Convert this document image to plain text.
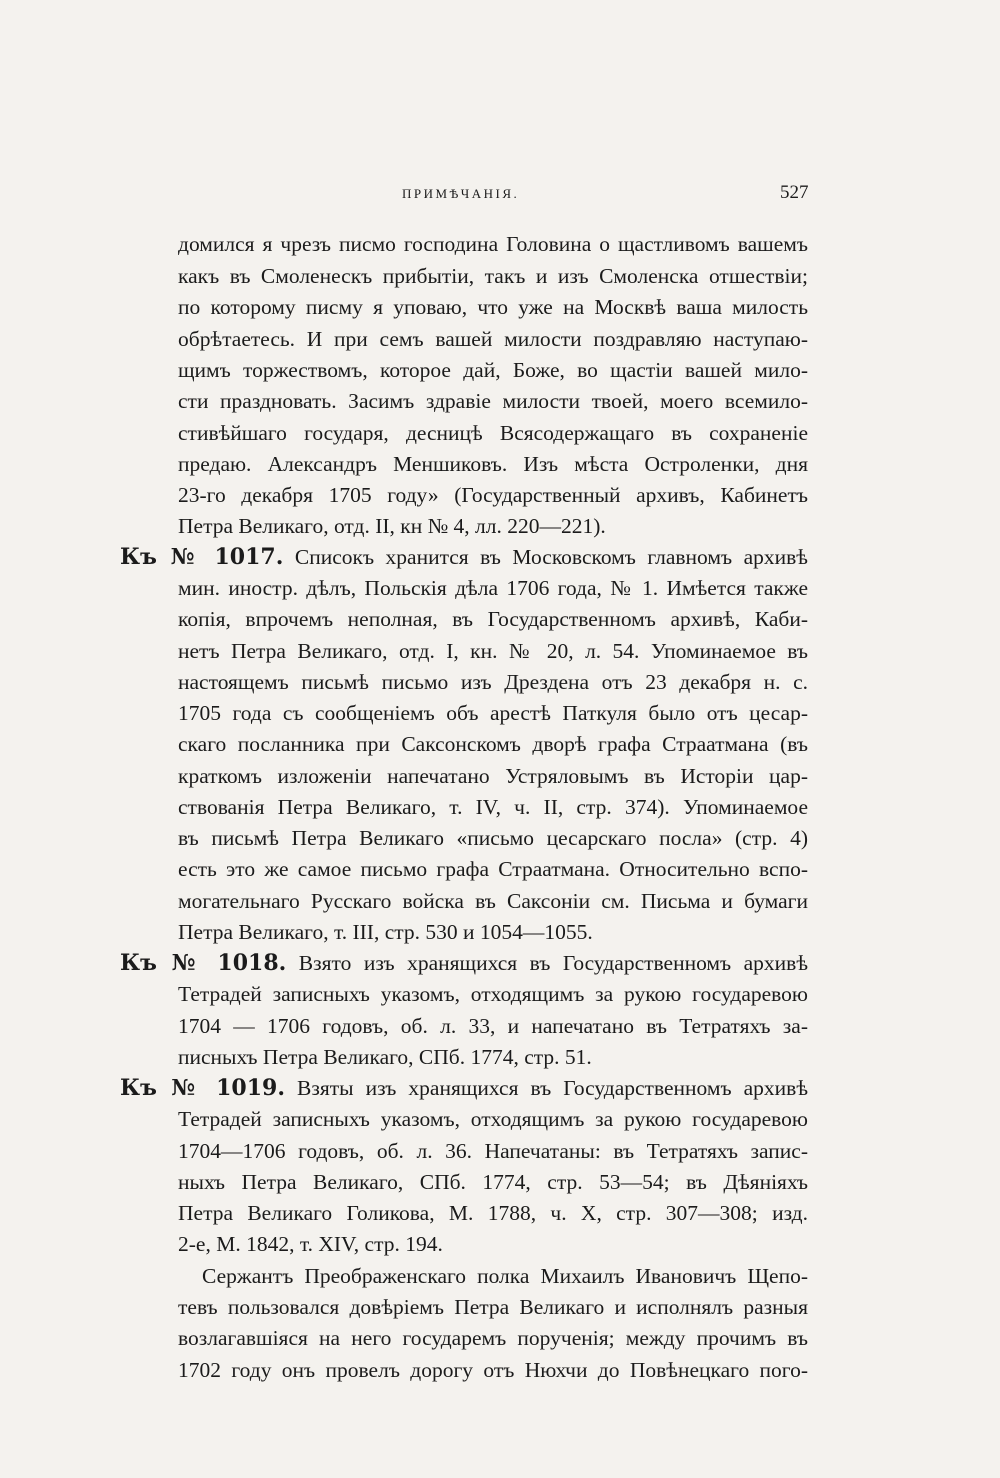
ПРИМѢЧАНІЯ.	527
домился я чрезъ писмо господина Головина о щастливомъ вашемъ
какъ въ Смоленескъ прибытіи, такъ и изъ Смоленска отшествіи;
по которому писму я уповаю, что уже на Москвѣ ваша милость
обрѣтаетесь. И при семъ вашей милости поздравляю наступаю-
щимъ торжествомъ, которое дай, Боже, во щастіи вашей мило-
сти праздновать. Засимъ здравіе милости твоей, моего всемило-
стивѣйшаго государя, десницѣ Всясодержащаго въ сохраненіе
предаю. Александръ Меншиковъ. Изъ мѣста Остроленки, дня
23-го декабря 1705 году» (Государственный архивъ, Кабинетъ
Петра Великаго, отд. II, кн № 4, лл. 220—221).
Къ № 1017. Списокъ хранится въ Московскомъ главномъ архивѣ
мин. иностр. дѣлъ, Польскія дѣла 1706 года, № 1. Имѣется также
копія, впрочемъ неполная, въ Государственномъ архивѣ, Каби-
нетъ Петра Великаго, отд. I, кн. № 20, л. 54. Упоминаемое въ
настоящемъ письмѣ письмо изъ Дрездена отъ 23 декабря н. с.
1705 года съ сообщеніемъ объ арестѣ Паткуля было отъ цесар-
скаго посланника при Саксонскомъ дворѣ графа Страатмана (въ
краткомъ изложеніи напечатано Устряловымъ въ Исторіи цар-
ствованія Петра Великаго, т. IV, ч. II, стр. 374). Упоминаемое
въ письмѣ Петра Великаго «письмо цесарскаго посла» (стр. 4)
есть это же самое письмо графа Страатмана. Относительно вспо-
могательнаго Русскаго войска въ Саксоніи см. Письма и бумаги
Петра Великаго, т. III, стр. 530 и 1054—1055.
Къ № 1018. Взято изъ хранящихся въ Государственномъ архивѣ
Тетрадей записныхъ указомъ, отходящимъ за рукою государевою
1704 — 1706 годовъ, об. л. 33, и напечатано въ Тетратяхъ за-
писныхъ Петра Великаго, СПб. 1774, стр. 51.
Къ № 1019. Взяты изъ хранящихся въ Государственномъ архивѣ
Тетрадей записныхъ указомъ, отходящимъ за рукою государевою
1704—1706 годовъ, об. л. 36. Напечатаны: въ Тетратяхъ запис-
ныхъ Петра Великаго, СПб. 1774, стр. 53—54; въ Дѣяніяхъ
Петра Великаго Голикова, М. 1788, ч. X, стр. 307—308; изд.
2-е, М. 1842, т. XIV, стр. 194.
Сержантъ Преображенскаго полка Михаилъ Ивановичъ Щепо-
тевъ пользовался довѣріемъ Петра Великаго и исполнялъ разныя
возлагавшіяся на него государемъ порученія; между прочимъ въ
1702 году онъ провелъ дорогу отъ Нюхчи до Повѣнецкаго пого-
